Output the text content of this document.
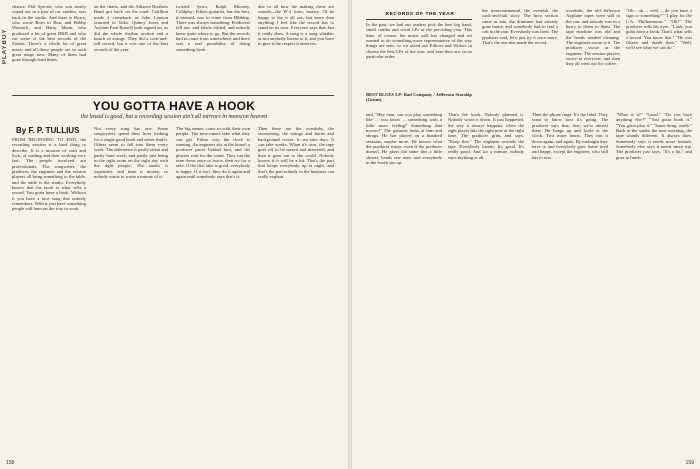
PLAYBOY
chance. Phil Spector, who was nearly wiped out in a pair of car crashes, was back in the studio. And there is Bruce, who wrote Born to Run, and Bobby Womack, and Harry Mann, who produced a lot of great R&B and who cut some of the best records of the Sixties. There's a whole lot of great music and all these people are in such great shape now. Many of them had gone through hard times.
on the charts, and the Alliance Brothers Band got back on the road. Cotillion made a comeback as John Lennon returned to Yoko. Quincy Jones and Asylum Paul Russell both signed on, as did the whole rhythm section and a bunch of strings. They did a rock-and-roll record, but it was one of the best records of the year.
twisted lyrics, Ralph Mooney, Coldplay: Fifties guitarist, but the best, it seemed, was to come from Hibbing. There was always something. Producers fell out, and labels folded, and nobody knew quite where to go. But the records had to come from somewhere, and there was a real possibility of doing something fresh.
due to all how the making these are sounds—the W-2 form, money. I'll be happy to lay it all out, but more than anything I feel like the record has to stand on its own. Everyone says that, but it really does. A song is a song whether or not anybody listens to it, and you have to give it the respect it deserves.
YOU GOTTA HAVE A HOOK
the bread is good, but a recording session ain't all mirrors in mansion heaven
By F. P. TULLIUS
FROM BEGINNING TO END, the recording session is a hard thing to describe. It is a mixture of craft and luck, of waiting and then working very fast. The people involved are professionals. The songwriter, the producer, the engineer and the session players all bring something to the table, and the table is the studio. Everybody knows that the hook is what sells a record. You gotta have a hook. Without it you have a nice song that nobody remembers. With it you have something people will hum on the way to work.
Not every song has one. Some songwriters spend their lives looking for a single good hook and never find it. Others seem to fall into them every week. The difference is partly talent and partly hard work, and partly just being in the right room on the right day with the right people. The studio is expensive, and time is money, so nobody wants to waste a minute of it.
The big names come in with their own people. The newcomers take what they can get. Either way the clock is running. An engineer sits at the board, a producer paces behind him, and the players wait for the count. They run the tune down once or twice, then try for a take. If the first take is good, everybody is happy. If it isn't, they do it again and again until somebody says that's it.
Then there are the overdubs, the sweetening, the strings and horns and background voices. It can take days. It can take weeks. When it's over, the tape goes off to be mixed and mastered, and then it goes out to the world. Nobody knows if it will be a hit. That's the part that keeps everybody up at night, and that's the part nobody in the business can really explain.
158
RECORDS OF THE YEAR
In the past, we had our readers pick the best big band, small combo and vocal LPs of the preceding year. This time, of course, the music poll has changed and we wanted to do something more representative of the way things are now, so we asked our Editors and Writers to choose the best LPs of the year, and here they are, in no particular order.
BEST BLUES LP: Bad Company / Jefferson Starship (Grunt).
the transcontinental, the overdub, the cock-and-bull story. The horn section came in late, the drummer had already gone home, and somebody had to find a cab in the rain. Everybody was tired. The producer said, let's just try it once more. That's the one that made the record.
overdubs, the old Jefferson Airplane tapes were still in the can, and nobody was in a hurry to listen to them. The tape machine was old and the heads needed cleaning. The engineer swore at it. The producer swore at the engineer. The session players swore at everyone, and then they all went out for coffee.
"Oh... oh ... well ... do you have a sign or something?" "I play for the L.A. Philharmonic." "Oh?" The producer rolls his eyes. "Look, you gotta have a hook. That's what sells a record. You know that." "He was fifteen and dumb then." "Well, we'll see what we can do."
and, "Hey man, can you play something like ... you know ... something with a little more feeling? Something that moves?" The guitarist looks at him and shrugs. He has played on a hundred sessions, maybe more. He knows what the producer wants, even if the producer doesn't. He plays the same line a little slower, bends one note, and everybody in the booth sits up.
That's the hook. Nobody planned it. Nobody wrote it down. It just happened, the way it always happens, when the right player hits the right note at the right time. The producer grins and says, "Keep that." The engineer rewinds the tape. Everybody listens. It's good. It's really good. And for a minute, nobody says anything at all.
Then the phone rings. It's the label. They want to know how it's going. The producer says fine, fine, we're almost there. He hangs up and looks at the clock. Two more hours. They run it down again, and again. By midnight they have it, and everybody goes home tired and happy, except the engineer, who still has to mix.
"What is it?" "Good." "Do you have anything else?" "You gotta hook it." "You gotta play it." "Same thing, really." Back at the studio the next morning, the tape sounds different. It always does. Somebody says it needs more bottom. Somebody else says it needs more top. The producer just says, "It's a hit," and goes to lunch.
159
